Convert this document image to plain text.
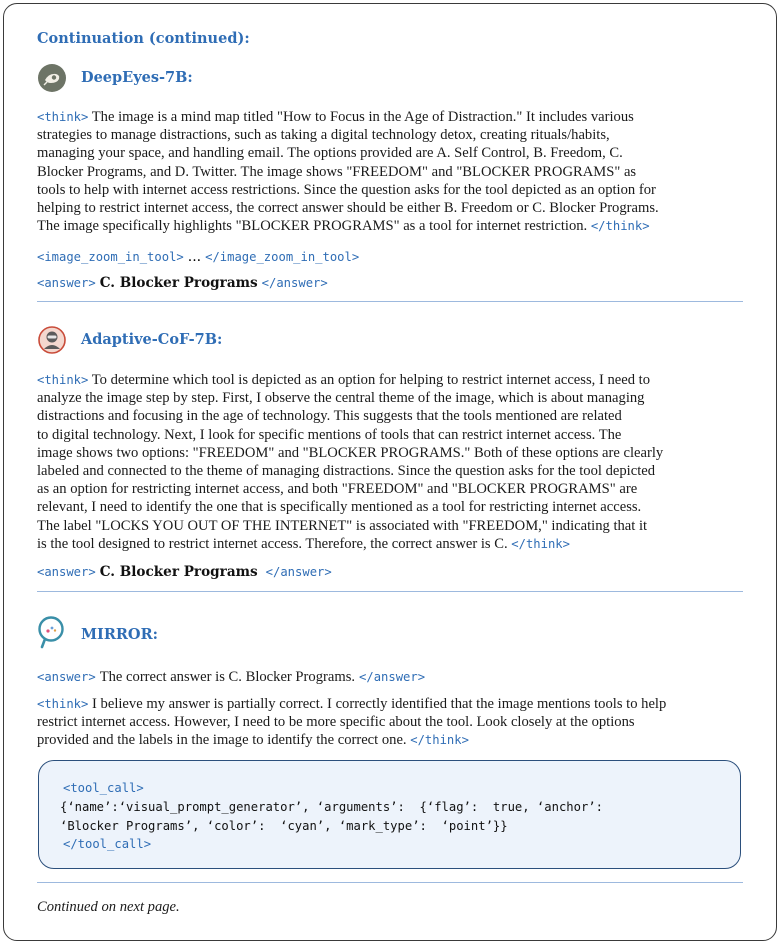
Continuation (continued):
DeepEyes-7B:
<think> The image is a mind map titled "How to Focus in the Age of Distraction." It includes various
strategies to manage distractions, such as taking a digital technology detox, creating rituals/habits,
managing your space, and handling email. The options provided are A. Self Control, B. Freedom, C.
Blocker Programs, and D. Twitter. The image shows "FREEDOM" and "BLOCKER PROGRAMS" as
tools to help with internet access restrictions. Since the question asks for the tool depicted as an option for
helping to restrict internet access, the correct answer should be either B. Freedom or C. Blocker Programs.
The image specifically highlights "BLOCKER PROGRAMS" as a tool for internet restriction. </think>
<image_zoom_in_tool> ... </image_zoom_in_tool>
<answer> C. Blocker Programs </answer>
Adaptive-CoF-7B:
<think> To determine which tool is depicted as an option for helping to restrict internet access, I need to
analyze the image step by step. First, I observe the central theme of the image, which is about managing
distractions and focusing in the age of technology. This suggests that the tools mentioned are related
to digital technology. Next, I look for specific mentions of tools that can restrict internet access. The
image shows two options: "FREEDOM" and "BLOCKER PROGRAMS." Both of these options are clearly
labeled and connected to the theme of managing distractions. Since the question asks for the tool depicted
as an option for restricting internet access, and both "FREEDOM" and "BLOCKER PROGRAMS" are
relevant, I need to identify the one that is specifically mentioned as a tool for restricting internet access.
The label "LOCKS YOU OUT OF THE INTERNET" is associated with "FREEDOM," indicating that it
is the tool designed to restrict internet access. Therefore, the correct answer is C. </think>
<answer> C. Blocker Programs </answer>
MIRROR:
<answer> The correct answer is C. Blocker Programs. </answer>
<think> I believe my answer is partially correct. I correctly identified that the image mentions tools to help
restrict internet access. However, I need to be more specific about the tool. Look closely at the options
provided and the labels in the image to identify the correct one. </think>
<tool_call>
{‘name’:‘visual_prompt_generator’, ‘arguments’:  {‘flag’:  true, ‘anchor’:
‘Blocker Programs’, ‘color’:  ‘cyan’, ‘mark_type’:  ‘point’}}
</tool_call>
Continued on next page.
